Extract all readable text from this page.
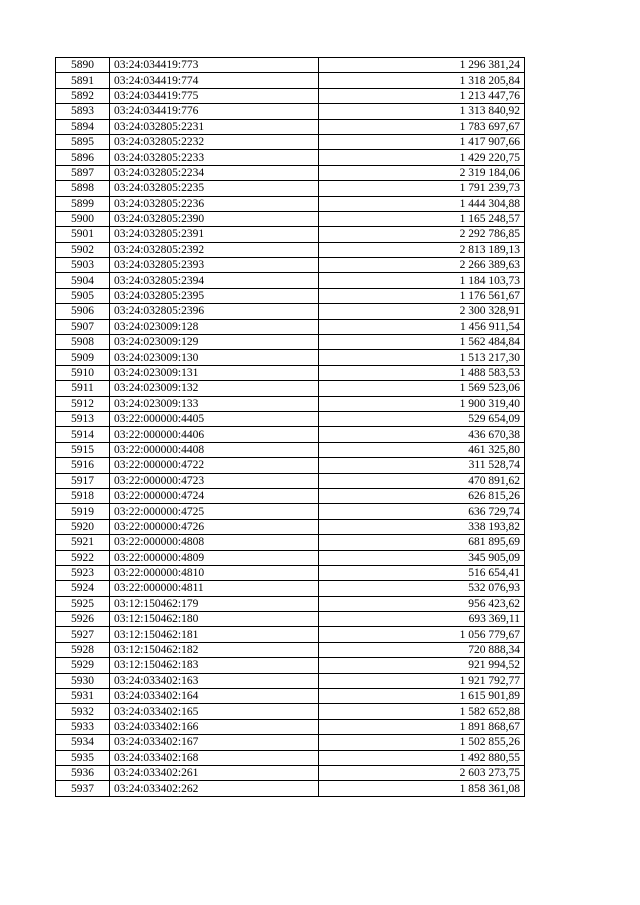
5890	03:24:034419:773	1 296 381,24
5891	03:24:034419:774	1 318 205,84
5892	03:24:034419:775	1 213 447,76
5893	03:24:034419:776	1 313 840,92
5894	03:24:032805:2231	1 783 697,67
5895	03:24:032805:2232	1 417 907,66
5896	03:24:032805:2233	1 429 220,75
5897	03:24:032805:2234	2 319 184,06
5898	03:24:032805:2235	1 791 239,73
5899	03:24:032805:2236	1 444 304,88
5900	03:24:032805:2390	1 165 248,57
5901	03:24:032805:2391	2 292 786,85
5902	03:24:032805:2392	2 813 189,13
5903	03:24:032805:2393	2 266 389,63
5904	03:24:032805:2394	1 184 103,73
5905	03:24:032805:2395	1 176 561,67
5906	03:24:032805:2396	2 300 328,91
5907	03:24:023009:128	1 456 911,54
5908	03:24:023009:129	1 562 484,84
5909	03:24:023009:130	1 513 217,30
5910	03:24:023009:131	1 488 583,53
5911	03:24:023009:132	1 569 523,06
5912	03:24:023009:133	1 900 319,40
5913	03:22:000000:4405	529 654,09
5914	03:22:000000:4406	436 670,38
5915	03:22:000000:4408	461 325,80
5916	03:22:000000:4722	311 528,74
5917	03:22:000000:4723	470 891,62
5918	03:22:000000:4724	626 815,26
5919	03:22:000000:4725	636 729,74
5920	03:22:000000:4726	338 193,82
5921	03:22:000000:4808	681 895,69
5922	03:22:000000:4809	345 905,09
5923	03:22:000000:4810	516 654,41
5924	03:22:000000:4811	532 076,93
5925	03:12:150462:179	956 423,62
5926	03:12:150462:180	693 369,11
5927	03:12:150462:181	1 056 779,67
5928	03:12:150462:182	720 888,34
5929	03:12:150462:183	921 994,52
5930	03:24:033402:163	1 921 792,77
5931	03:24:033402:164	1 615 901,89
5932	03:24:033402:165	1 582 652,88
5933	03:24:033402:166	1 891 868,67
5934	03:24:033402:167	1 502 855,26
5935	03:24:033402:168	1 492 880,55
5936	03:24:033402:261	2 603 273,75
5937	03:24:033402:262	1 858 361,08
